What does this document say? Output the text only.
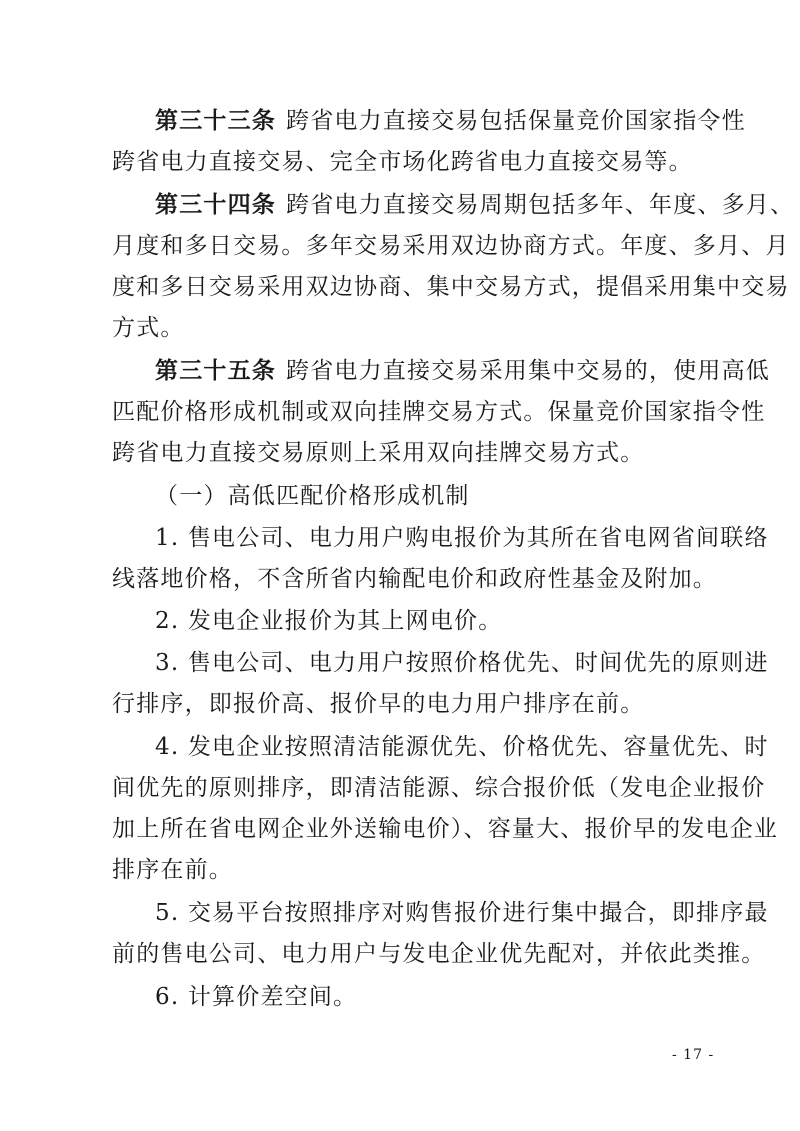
第三十三条 跨省电力直接交易包括保量竞价国家指令性
跨省电力直接交易、完全市场化跨省电力直接交易等。
第三十四条 跨省电力直接交易周期包括多年、年度、多月、
月度和多日交易。多年交易采用双边协商方式。年度、多月、月
度和多日交易采用双边协商、集中交易方式，提倡采用集中交易
方式。
第三十五条 跨省电力直接交易采用集中交易的，使用高低
匹配价格形成机制或双向挂牌交易方式。保量竞价国家指令性
跨省电力直接交易原则上采用双向挂牌交易方式。
（一）高低匹配价格形成机制
1. 售电公司、电力用户购电报价为其所在省电网省间联络
线落地价格，不含所省内输配电价和政府性基金及附加。
2. 发电企业报价为其上网电价。
3. 售电公司、电力用户按照价格优先、时间优先的原则进
行排序，即报价高、报价早的电力用户排序在前。
4. 发电企业按照清洁能源优先、价格优先、容量优先、时
间优先的原则排序，即清洁能源、综合报价低（发电企业报价
加上所在省电网企业外送输电价）、容量大、报价早的发电企业
排序在前。
5. 交易平台按照排序对购售报价进行集中撮合，即排序最
前的售电公司、电力用户与发电企业优先配对，并依此类推。
6. 计算价差空间。
- 17 -
